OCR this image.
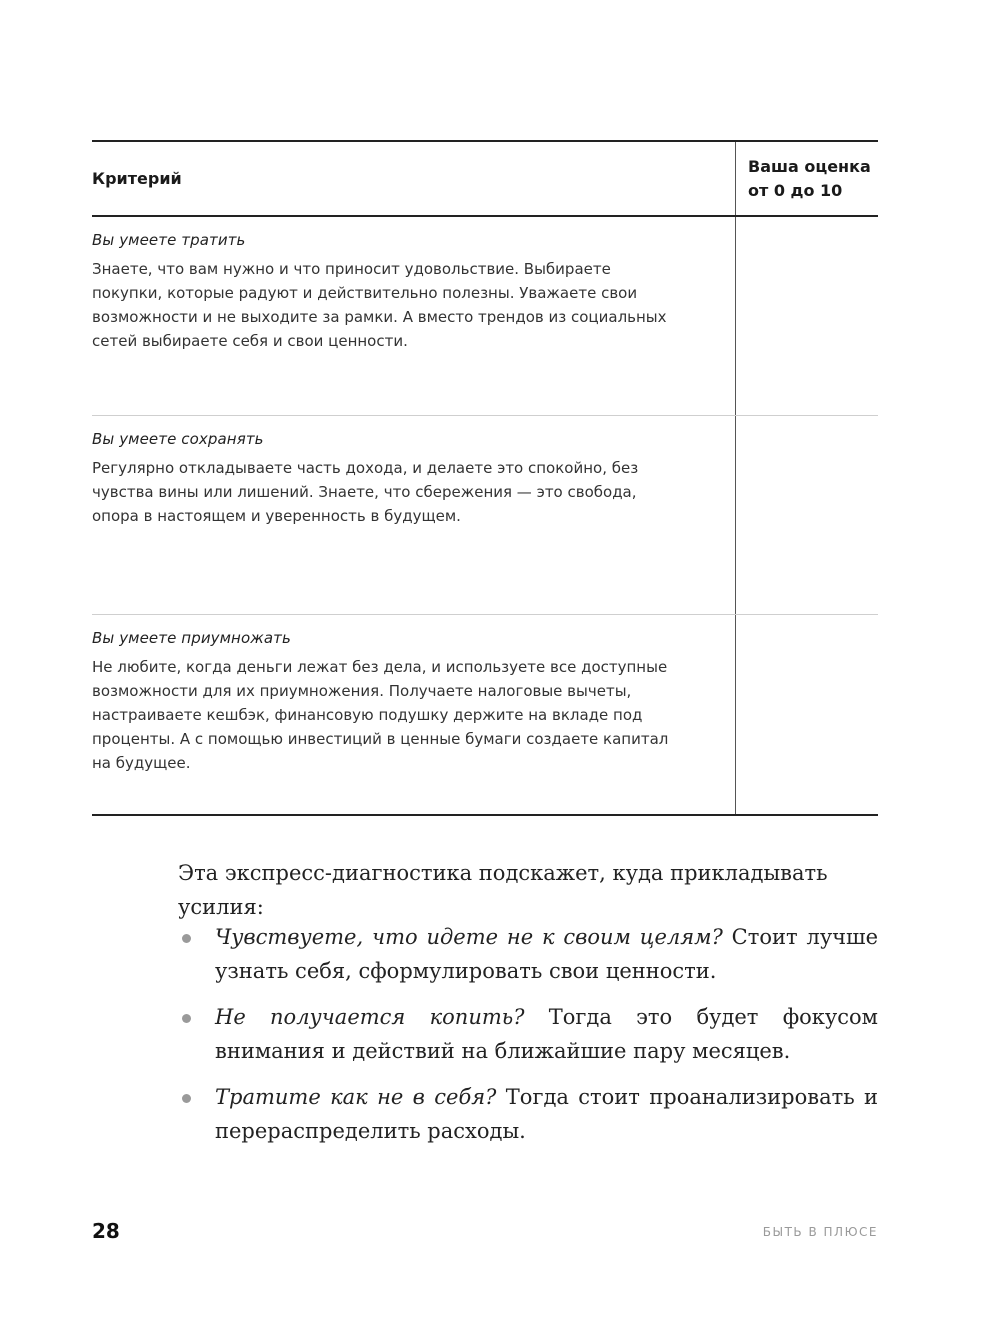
Критерий
Ваша оценка
от 0 до 10
Вы умеете тратить
Знаете, что вам нужно и что приносит удовольствие. Выбираете покупки, которые радуют и действительно полезны. Уважаете свои возможности и не выходите за рамки. А вместо трендов из социальных сетей выбираете себя и свои ценности.
Вы умеете сохранять
Регулярно откладываете часть дохода, и делаете это спокойно, без чувства вины или лишений. Знаете, что сбережения — это свобода, опора в настоящем и уверенность в будущем.
Вы умеете приумножать
Не любите, когда деньги лежат без дела, и используете все доступные возможности для их приумножения. Получаете налоговые вычеты, настраиваете кешбэк, финансовую подушку держите на вкладе под проценты. А с помощью инвестиций в ценные бумаги создаете капитал на будущее.
Эта экспресс-диагностика подскажет, куда прикладывать усилия:
Чувствуете, что идете не к своим целям? Стоит лучше узнать себя, сформулировать свои ценности.
Не получается копить? Тогда это будет фокусом внимания и действий на ближайшие пару месяцев.
Тратите как не в себя? Тогда стоит проанализировать и перераспределить расходы.
28	БЫТЬ В ПЛЮСЕ
